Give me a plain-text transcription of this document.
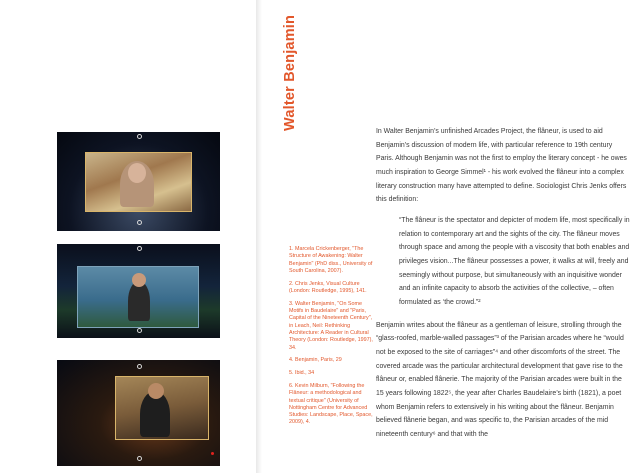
Walter Benjamin

1. Marcela Crickenberger, "The Structure of Awakening: Walter Benjamin" (PhD diss., University of South Carolina, 2007).

2. Chris Jenks, Visual Culture (London: Routledge, 1995), 141.

3. Walter Benjamin, "On Some Motifs in Baudelaire" and "Paris, Capital of the Nineteenth Century", in Leach, Neil: Rethinking Architecture: A Reader in Cultural Theory (London: Routledge, 1997), 34.

4. Benjamin, Paris, 29

5. Ibid., 34

6. Kevin Milburn, "Following the Flâneur: a methodological and textual critique" (University of Nottingham Centre for Advanced Studies: Landscape, Place, Space, 2009), 4.

In Walter Benjamin’s unfinished Arcades Project, the flâneur, is used to aid Benjamin’s discussion of modern life, with particular reference to 19th century Paris. Although Benjamin was not the first to employ the literary concept - he owes much inspiration to George Simmel¹ - his work evolved the flâneur into a complex literary construction many have attempted to define. Sociologist Chris Jenks offers this definition:

“The flâneur is the spectator and depicter of modern life, most specifically in relation to contemporary art and the sights of the city. The flâneur moves through space and among the people with a viscosity that both enables and privileges vision...The flâneur possesses a power, it walks at will, freely and seemingly without purpose, but simultaneously with an inquisitive wonder and an infinite capacity to absorb the activities of the collective, – often formulated as ‘the crowd.”²

Benjamin writes about the flâneur as a gentleman of leisure, strolling through the “glass-roofed, marble-walled passages”³ of the Parisian arcades where he “would not be exposed to the site of carriages”⁴ and other discomforts of the street. The covered arcade was the particular architectural development that gave rise to the flâneur or, enabled flânerie. The majority of the Parisian arcades were built in the 15 years following 1822⁵, the year after Charles Baudelaire’s birth (1821), a poet whom Benjamin refers to extensively in his writing about the flâneur. Benjamin believed flânerie began, and was specific to, the Parisian arcades of the mid nineteenth century⁶ and that with the
